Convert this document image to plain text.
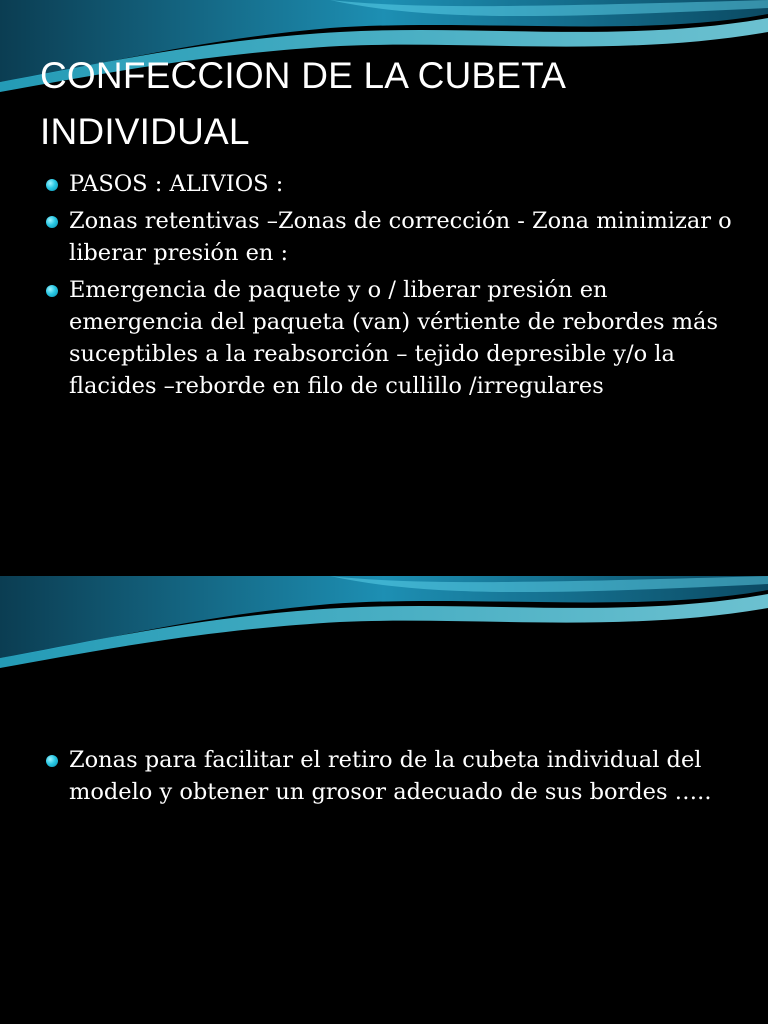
CONFECCION DE LA CUBETA INDIVIDUAL
PASOS : ALIVIOS :
Zonas retentivas –Zonas de corrección - Zona minimizar o liberar presión en :
Emergencia de paquete y o / liberar presión en emergencia del paqueta (van) vértiente de rebordes más suceptibles a la reabsorción – tejido depresible y/o la flacides –reborde en filo de cullillo /irregulares
Zonas para facilitar el retiro de la cubeta individual del modelo y obtener un grosor adecuado de sus bordes …..
